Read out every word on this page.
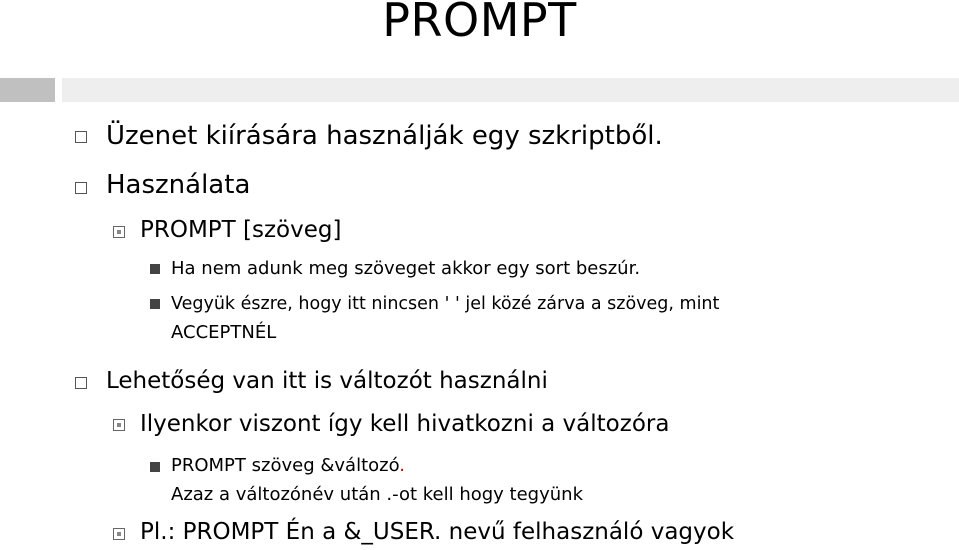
PROMPT
Üzenet kiírására használják egy szkriptből.
Használata
PROMPT [szöveg]
Ha nem adunk meg szöveget akkor egy sort beszúr.
Vegyük észre, hogy itt nincsen ' ' jel közé zárva a szöveg, mint
ACCEPTNÉL
Lehetőség van itt is változót használni
Ilyenkor viszont így kell hivatkozni a változóra
PROMPT szöveg &változó.
Azaz a változónév után .-ot kell hogy tegyünk
Pl.: PROMPT Én a &_USER. nevű felhasználó vagyok
